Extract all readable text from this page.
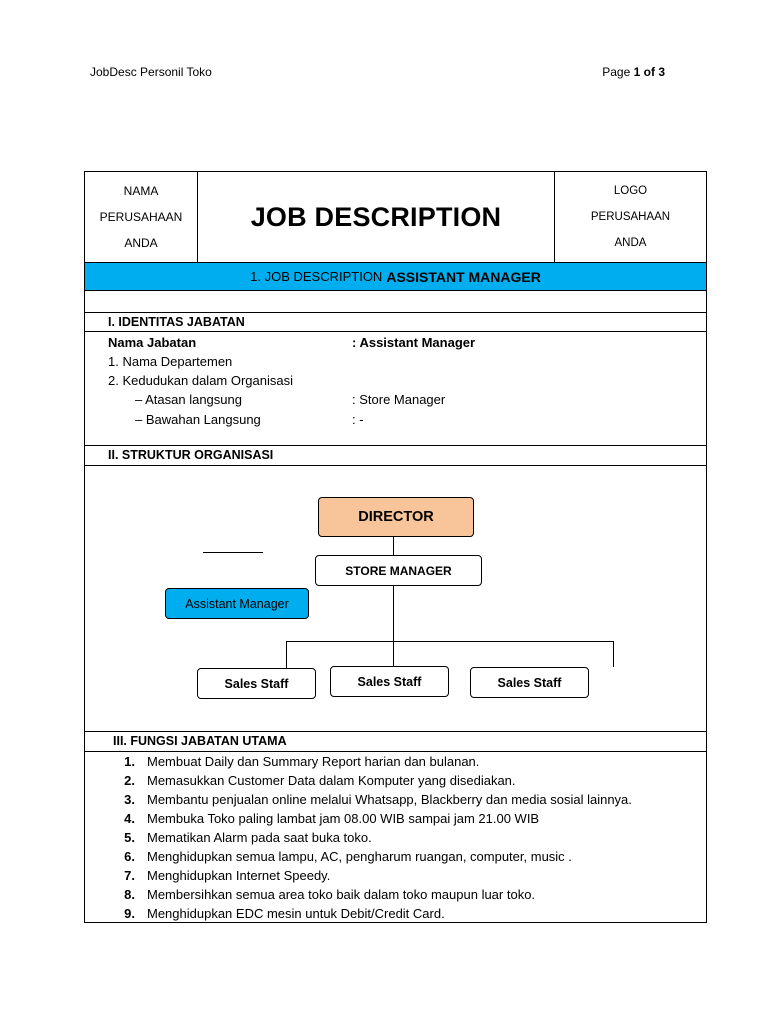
JobDesc Personil Toko	Page 1 of 3
NAMA
PERUSAHAAN
ANDA
JOB DESCRIPTION
LOGO
PERUSAHAAN
ANDA
1. JOB DESCRIPTION ASSISTANT MANAGER
I. IDENTITAS JABATAN
Nama Jabatan	: Assistant Manager
1. Nama Departemen
2. Kedudukan dalam Organisasi
– Atasan langsung	: Store Manager
– Bawahan Langsung	: -
II. STRUKTUR ORGANISASI
DIRECTOR
STORE MANAGER
Assistant Manager
Sales Staff	Sales Staff	Sales Staff
III. FUNGSI JABATAN UTAMA
1. Membuat Daily dan Summary Report harian dan bulanan.
2. Memasukkan Customer Data dalam Komputer yang disediakan.
3. Membantu penjualan online melalui Whatsapp, Blackberry dan media sosial lainnya.
4. Membuka Toko paling lambat jam 08.00 WIB sampai jam 21.00 WIB
5. Mematikan Alarm pada saat buka toko.
6. Menghidupkan semua lampu, AC, pengharum ruangan, computer, music .
7. Menghidupkan Internet Speedy.
8. Membersihkan semua area toko baik dalam toko maupun luar toko.
9. Menghidupkan EDC mesin untuk Debit/Credit Card.
